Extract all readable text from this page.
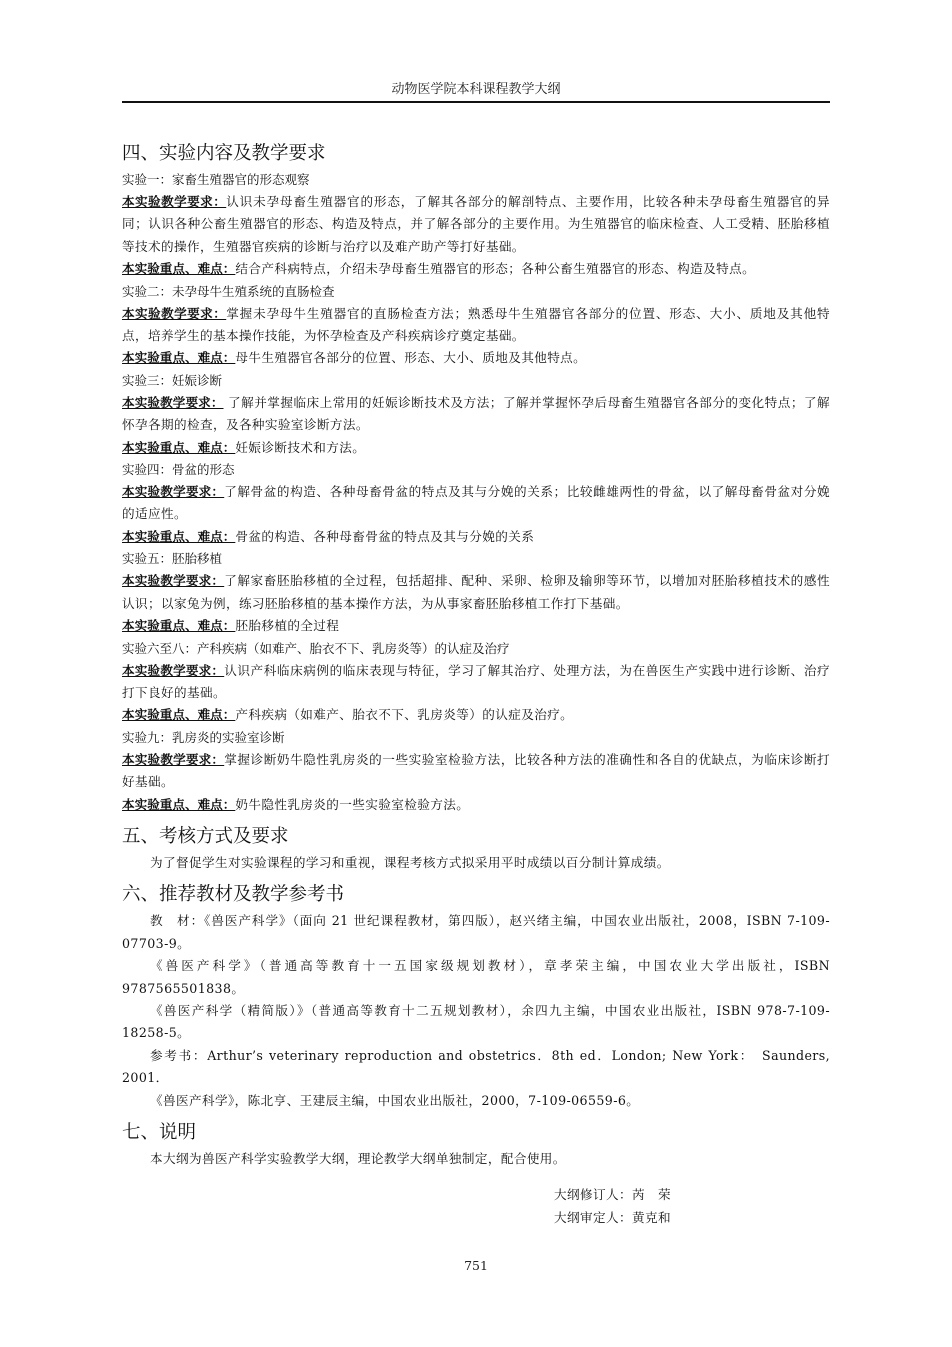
动物医学院本科课程教学大纲
四、实验内容及教学要求
实验一：家畜生殖器官的形态观察

本实验教学要求：认识未孕母畜生殖器官的形态，了解其各部分的解剖特点、主要作用，比较各种未孕母畜生殖器官的异同；认识各种公畜生殖器官的形态、构造及特点，并了解各部分的主要作用。为生殖器官的临床检查、人工受精、胚胎移植等技术的操作，生殖器官疾病的诊断与治疗以及难产助产等打好基础。

本实验重点、难点：结合产科病特点，介绍未孕母畜生殖器官的形态；各种公畜生殖器官的形态、构造及特点。

实验二：未孕母牛生殖系统的直肠检查

本实验教学要求：掌握未孕母牛生殖器官的直肠检查方法；熟悉母牛生殖器官各部分的位置、形态、大小、质地及其他特点，培养学生的基本操作技能，为怀孕检查及产科疾病诊疗奠定基础。

本实验重点、难点：母牛生殖器官各部分的位置、形态、大小、质地及其他特点。

实验三：妊娠诊断

本实验教学要求： 了解并掌握临床上常用的妊娠诊断技术及方法；了解并掌握怀孕后母畜生殖器官各部分的变化特点；了解怀孕各期的检查，及各种实验室诊断方法。

本实验重点、难点：妊娠诊断技术和方法。

实验四：骨盆的形态

本实验教学要求：了解骨盆的构造、各种母畜骨盆的特点及其与分娩的关系；比较雌雄两性的骨盆，以了解母畜骨盆对分娩的适应性。

本实验重点、难点：骨盆的构造、各种母畜骨盆的特点及其与分娩的关系

实验五：胚胎移植

本实验教学要求：了解家畜胚胎移植的全过程，包括超排、配种、采卵、检卵及输卵等环节，以增加对胚胎移植技术的感性认识；以家兔为例，练习胚胎移植的基本操作方法，为从事家畜胚胎移植工作打下基础。

本实验重点、难点：胚胎移植的全过程

实验六至八：产科疾病（如难产、胎衣不下、乳房炎等）的认症及治疗

本实验教学要求：认识产科临床病例的临床表现与特征，学习了解其治疗、处理方法，为在兽医生产实践中进行诊断、治疗打下良好的基础。

本实验重点、难点：产科疾病（如难产、胎衣不下、乳房炎等）的认症及治疗。

实验九：乳房炎的实验室诊断

本实验教学要求：掌握诊断奶牛隐性乳房炎的一些实验室检验方法，比较各种方法的准确性和各自的优缺点，为临床诊断打好基础。

本实验重点、难点：奶牛隐性乳房炎的一些实验室检验方法。

五、考核方式及要求

为了督促学生对实验课程的学习和重视，课程考核方式拟采用平时成绩以百分制计算成绩。

六、推荐教材及教学参考书

教　材：《兽医产科学》（面向 21 世纪课程教材，第四版），赵兴绪主编，中国农业出版社，2008，ISBN 7-109-07703-9。

《兽医产科学》（普通高等教育十一五国家级规划教材），章孝荣主编，中国农业大学出版社，ISBN 9787565501838。

《兽医产科学（精简版）》（普通高等教育十二五规划教材），余四九主编，中国农业出版社，ISBN 978-7-109-18258-5。

参考书：Arthur’s veterinary reproduction and obstetrics．8th ed．London; New York：　Saunders, 2001．

《兽医产科学》，陈北亨、王建辰主编，中国农业出版社，2000，7-109-06559-6。

七、说明

本大纲为兽医产科学实验教学大纲，理论教学大纲单独制定，配合使用。

大纲修订人：芮　荣

大纲审定人：黄克和

751
